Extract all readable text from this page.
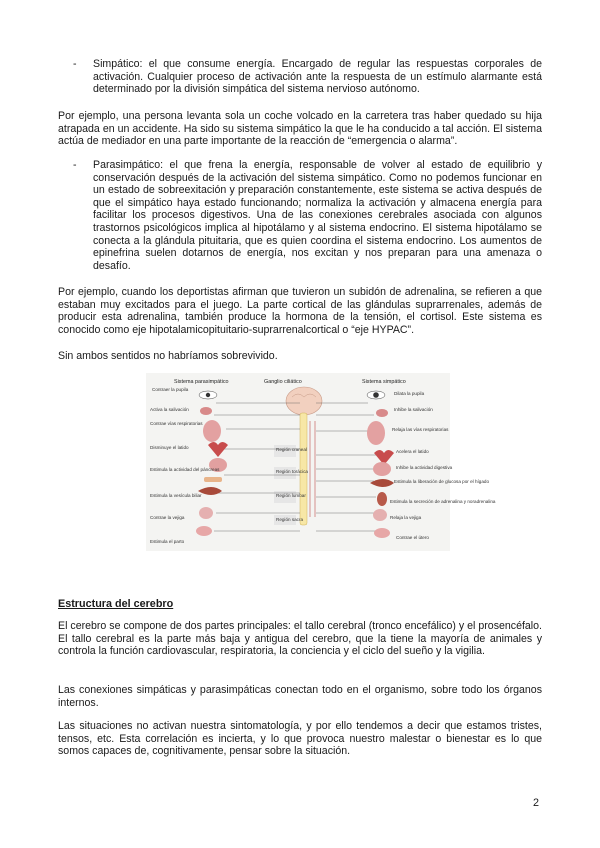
- Simpático: el que consume energía. Encargado de regular las respuestas corporales de activación. Cualquier proceso de activación ante la respuesta de un estímulo alarmante está determinado por la división simpática del sistema nervioso autónomo.

Por ejemplo, una persona levanta sola un coche volcado en la carretera tras haber quedado su hija atrapada en un accidente. Ha sido su sistema simpático la que le ha conducido a tal acción. El sistema actúa de mediador en una parte importante de la reacción de “emergencia o alarma”.

- Parasimpático: el que frena la energía, responsable de volver al estado de equilibrio y conservación después de la activación del sistema simpático. Como no podemos funcionar en un estado de sobreexitación y preparación constantemente, este sistema se activa después de que el simpático haya estado funcionando; normaliza la activación y almacena energía para facilitar los procesos digestivos. Una de las conexiones cerebrales asociada con algunos trastornos psicológicos implica al hipotálamo y al sistema endocrino. El sistema hipotálamo se conecta a la glándula pituitaria, que es quien coordina el sistema endocrino. Los aumentos de epinefrina suelen dotarnos de energía, nos excitan y nos preparan para una amenaza o desafío.

Por ejemplo, cuando los deportistas afirman que tuvieron un subidón de adrenalina, se refieren a que estaban muy excitados para el juego. La parte cortical de las glándulas suprarrenales, además de producir esta adrenalina, también produce la hormona de la tensión, el cortisol. Este sistema es conocido como eje hipotalamicopituitario-suprarrenalcortical o “eje HYPAC”.

Sin ambos sentidos no habríamos sobrevivido.

Sistema parasimpático	Ganglio ciliático	Sistema simpático
Región craneal
Región torácica
Región lumbar
Región sacra
Contraer la pupila
Activa la salivación
Contrae vías respiratorias
Disminuye el latido
Estimula la actividad del páncreas
Estimula la vesícula biliar
Contrae la vejiga
Estimula el parto
Dilata la pupila
Inhibe la salivación
Relaja las vías respiratorias
Acelera el latido
Inhibe la actividad digestiva
Estimula la liberación de glucosa por el hígado
Estimula la secreción de adrenalina y noradrenalina
Relaja la vejiga
Contrae el útero

Estructura del cerebro

El cerebro se compone de dos partes principales: el tallo cerebral (tronco encefálico) y el prosencéfalo. El tallo cerebral es la parte más baja y antigua del cerebro, que la tiene la mayoría de animales y controla la función cardiovascular, respiratoria, la conciencia y el ciclo del sueño y la vigilia.

Las conexiones simpáticas y parasimpáticas conectan todo en el organismo, sobre todo los órganos internos.

Las situaciones no activan nuestra sintomatología, y por ello tendemos a decir que estamos tristes, tensos, etc. Esta correlación es incierta, y lo que provoca nuestro malestar o bienestar es lo que somos capaces de, cognitivamente, pensar sobre la situación.

2
